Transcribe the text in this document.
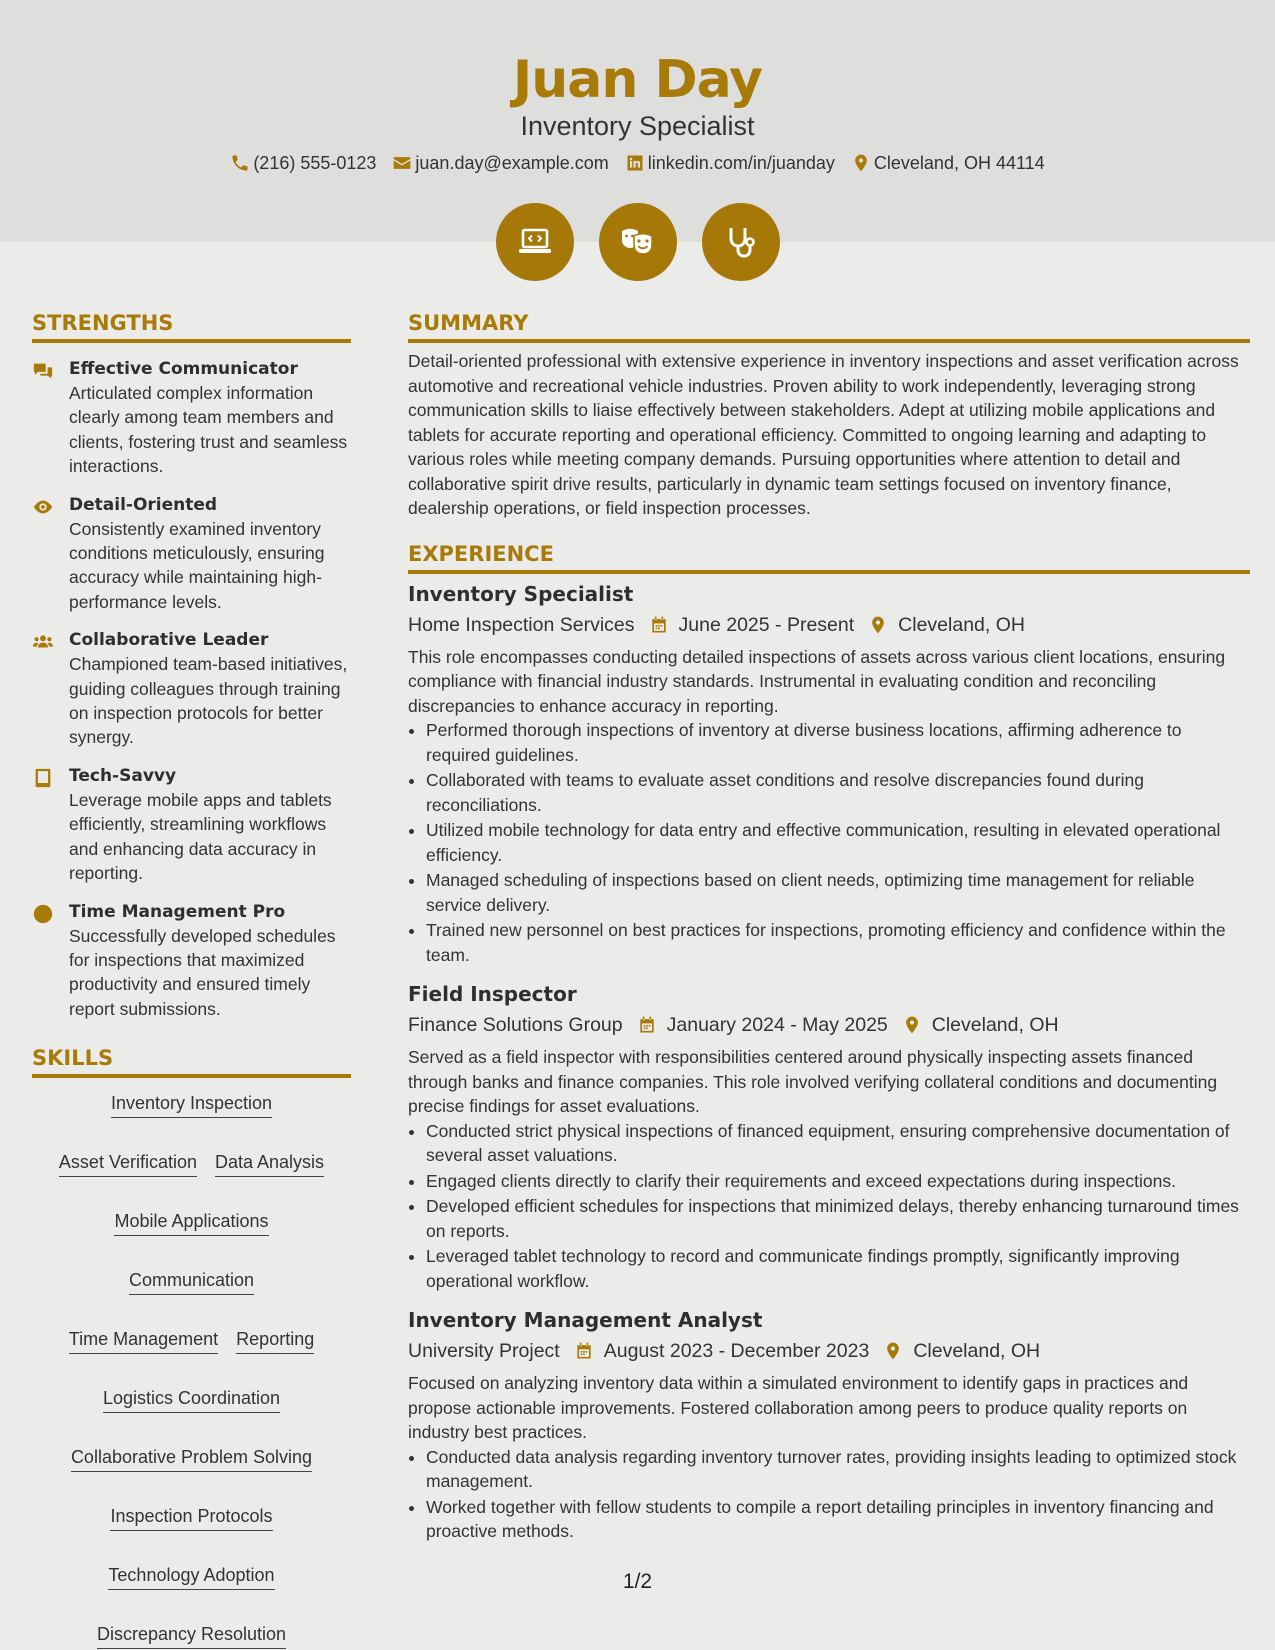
Juan Day
Inventory Specialist
(216) 555-0123 juan.day@example.com linkedin.com/in/juanday Cleveland, OH 44114
STRENGTHS
Effective Communicator
Articulated complex information clearly among team members and clients, fostering trust and seamless interactions.
Detail-Oriented
Consistently examined inventory conditions meticulously, ensuring accuracy while maintaining high-performance levels.
Collaborative Leader
Championed team-based initiatives, guiding colleagues through training on inspection protocols for better synergy.
Tech-Savvy
Leverage mobile apps and tablets efficiently, streamlining workflows and enhancing data accuracy in reporting.
Time Management Pro
Successfully developed schedules for inspections that maximized productivity and ensured timely report submissions.
SKILLS
Inventory Inspection
Asset Verification Data Analysis
Mobile Applications
Communication
Time Management Reporting
Logistics Coordination
Collaborative Problem Solving
Inspection Protocols
Technology Adoption
Discrepancy Resolution
SUMMARY
Detail-oriented professional with extensive experience in inventory inspections and asset verification across automotive and recreational vehicle industries. Proven ability to work independently, leveraging strong communication skills to liaise effectively between stakeholders. Adept at utilizing mobile applications and tablets for accurate reporting and operational efficiency. Committed to ongoing learning and adapting to various roles while meeting company demands. Pursuing opportunities where attention to detail and collaborative spirit drive results, particularly in dynamic team settings focused on inventory finance, dealership operations, or field inspection processes.
EXPERIENCE
Inventory Specialist
Home Inspection Services June 2025 - Present Cleveland, OH
This role encompasses conducting detailed inspections of assets across various client locations, ensuring compliance with financial industry standards. Instrumental in evaluating condition and reconciling discrepancies to enhance accuracy in reporting.
• Performed thorough inspections of inventory at diverse business locations, affirming adherence to required guidelines.
• Collaborated with teams to evaluate asset conditions and resolve discrepancies found during reconciliations.
• Utilized mobile technology for data entry and effective communication, resulting in elevated operational efficiency.
• Managed scheduling of inspections based on client needs, optimizing time management for reliable service delivery.
• Trained new personnel on best practices for inspections, promoting efficiency and confidence within the team.
Field Inspector
Finance Solutions Group January 2024 - May 2025 Cleveland, OH
Served as a field inspector with responsibilities centered around physically inspecting assets financed through banks and finance companies. This role involved verifying collateral conditions and documenting precise findings for asset evaluations.
• Conducted strict physical inspections of financed equipment, ensuring comprehensive documentation of several asset valuations.
• Engaged clients directly to clarify their requirements and exceed expectations during inspections.
• Developed efficient schedules for inspections that minimized delays, thereby enhancing turnaround times on reports.
• Leveraged tablet technology to record and communicate findings promptly, significantly improving operational workflow.
Inventory Management Analyst
University Project August 2023 - December 2023 Cleveland, OH
Focused on analyzing inventory data within a simulated environment to identify gaps in practices and propose actionable improvements. Fostered collaboration among peers to produce quality reports on industry best practices.
• Conducted data analysis regarding inventory turnover rates, providing insights leading to optimized stock management.
• Worked together with fellow students to compile a report detailing principles in inventory financing and proactive methods.
1/2
